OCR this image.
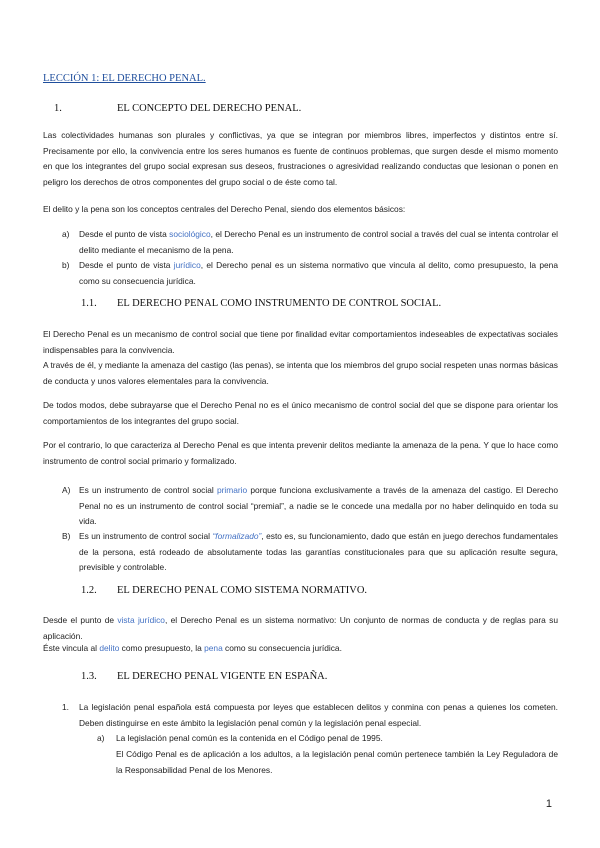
LECCIÓN 1: EL DERECHO PENAL.
1.	EL CONCEPTO DEL DERECHO PENAL.

Las colectividades humanas son plurales y conflictivas, ya que se integran por miembros libres, imperfectos y distintos entre sí. Precisamente por ello, la convivencia entre los seres humanos es fuente de continuos problemas, que surgen desde el mismo momento en que los integrantes del grupo social expresan sus deseos, frustraciones o agresividad realizando conductas que lesionan o ponen en peligro los derechos de otros componentes del grupo social o de éste como tal.

El delito y la pena son los conceptos centrales del Derecho Penal, siendo dos elementos básicos:

a) Desde el punto de vista sociológico, el Derecho Penal es un instrumento de control social a través del cual se intenta controlar el delito mediante el mecanismo de la pena.

b) Desde el punto de vista jurídico, el Derecho penal es un sistema normativo que vincula al delito, como presupuesto, la pena como su consecuencia jurídica.

1.1. EL DERECHO PENAL COMO INSTRUMENTO DE CONTROL SOCIAL.

El Derecho Penal es un mecanismo de control social que tiene por finalidad evitar comportamientos indeseables de expectativas sociales indispensables para la convivencia.

A través de él, y mediante la amenaza del castigo (las penas), se intenta que los miembros del grupo social respeten unas normas básicas de conducta y unos valores elementales para la convivencia.

De todos modos, debe subrayarse que el Derecho Penal no es el único mecanismo de control social del que se dispone para orientar los comportamientos de los integrantes del grupo social.

Por el contrario, lo que caracteriza al Derecho Penal es que intenta prevenir delitos mediante la amenaza de la pena. Y que lo hace como instrumento de control social primario y formalizado.

A) Es un instrumento de control social primario porque funciona exclusivamente a través de la amenaza del castigo. El Derecho Penal no es un instrumento de control social “premial”, a nadie se le concede una medalla por no haber delinquido en toda su vida.

B) Es un instrumento de control social “formalizado”, esto es, su funcionamiento, dado que están en juego derechos fundamentales de la persona, está rodeado de absolutamente todas las garantías constitucionales para que su aplicación resulte segura, previsible y controlable.

1.2. EL DERECHO PENAL COMO SISTEMA NORMATIVO.

Desde el punto de vista jurídico, el Derecho Penal es un sistema normativo: Un conjunto de normas de conducta y de reglas para su aplicación.

Éste vincula al delito como presupuesto, la pena como su consecuencia jurídica.

1.3. EL DERECHO PENAL VIGENTE EN ESPAÑA.
1. La legislación penal española está compuesta por leyes que establecen delitos y conmina con penas a quienes los cometen. Deben distinguirse en este ámbito la legislación penal común y la legislación penal especial.

a) La legislación penal común es la contenida en el Código penal de 1995.

El Código Penal es de aplicación a los adultos, a la legislación penal común pertenece también la Ley Reguladora de la Responsabilidad Penal de los Menores.

1
